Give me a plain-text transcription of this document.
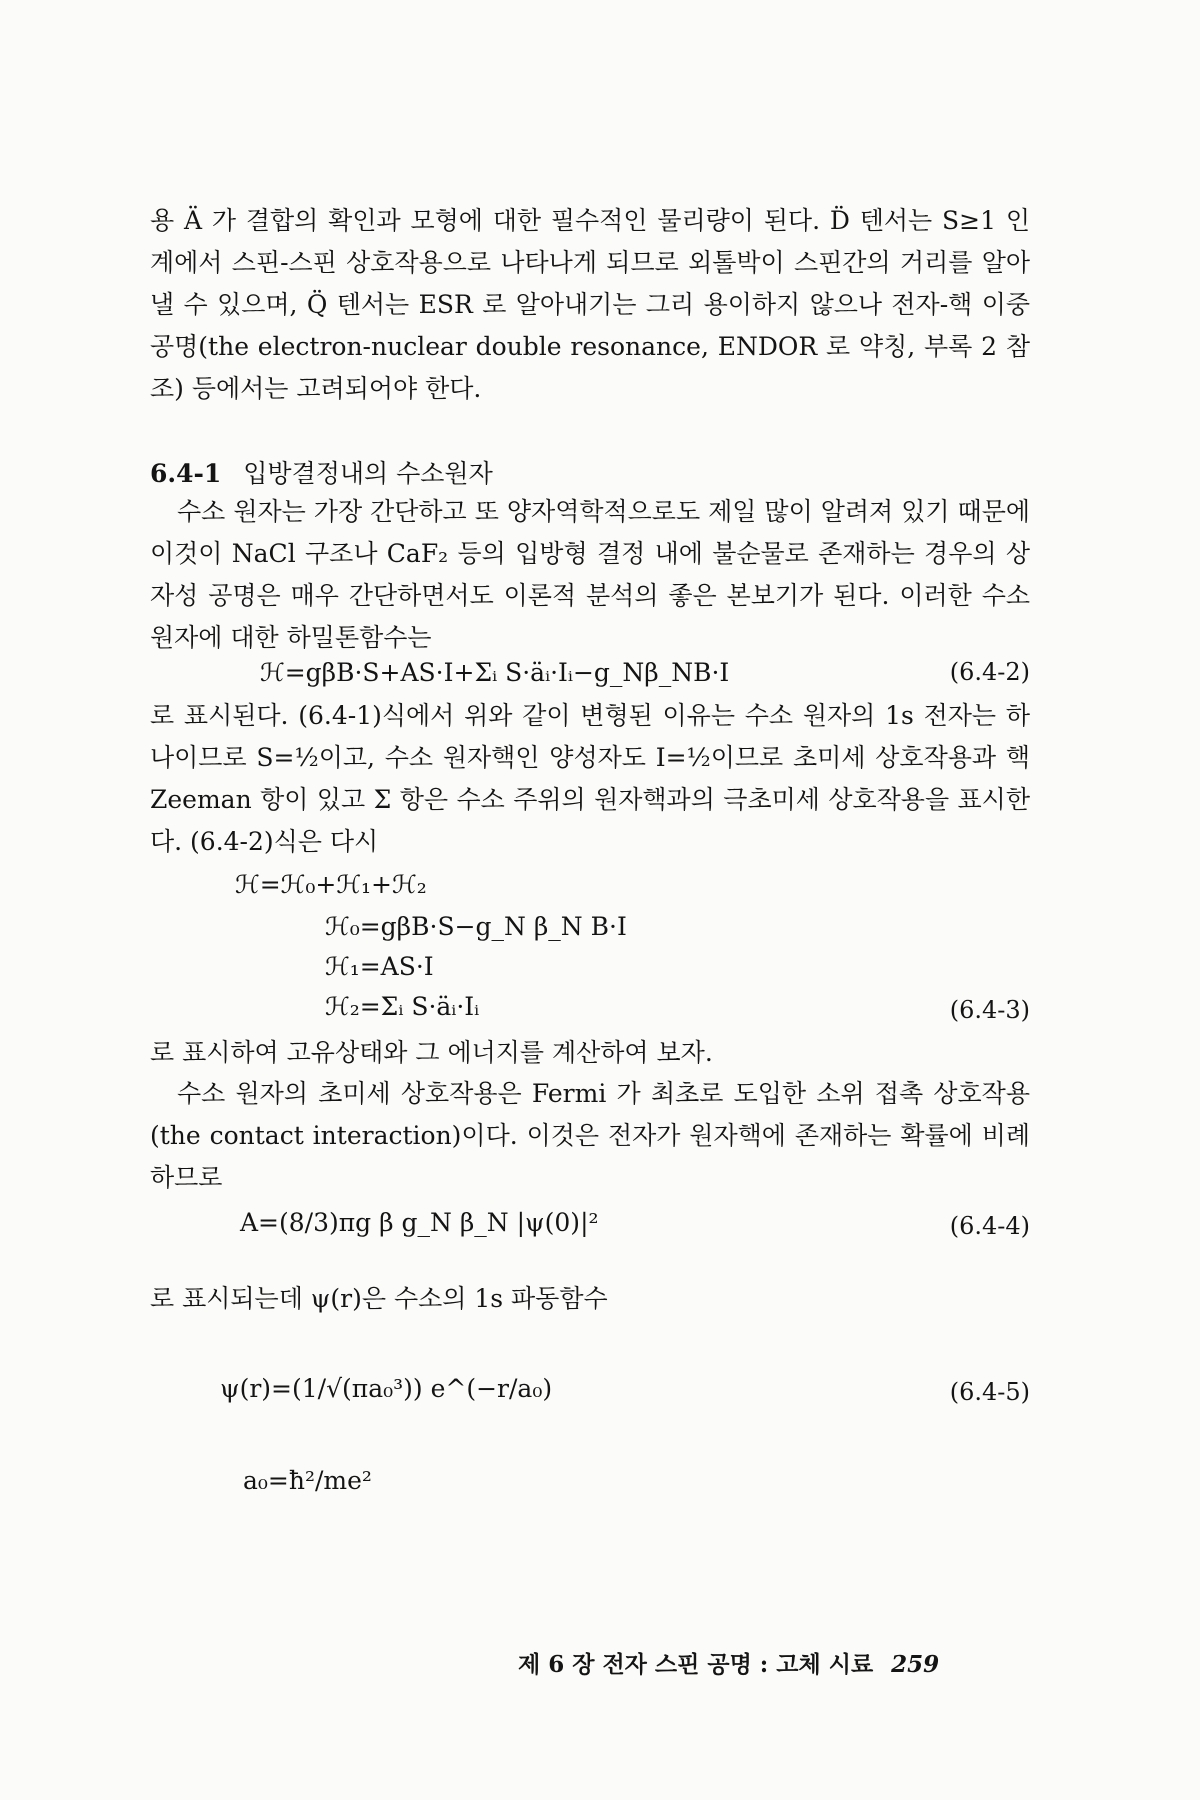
용 Ä 가 결합의 확인과 모형에 대한 필수적인 물리량이 된다. D̈ 텐서는 S≥1 인 계에서 스핀-스핀 상호작용으로 나타나게 되므로 외톨박이 스핀간의 거리를 알아낼 수 있으며, Q̈ 텐서는 ESR 로 알아내기는 그리 용이하지 않으나 전자-핵 이중공명(the electron-nuclear double resonance, ENDOR 로 약칭, 부록 2 참조) 등에서는 고려되어야 한다.

6.4-1 입방결정내의 수소원자

수소 원자는 가장 간단하고 또 양자역학적으로도 제일 많이 알려져 있기 때문에 이것이 NaCl 구조나 CaF₂ 등의 입방형 결정 내에 불순물로 존재하는 경우의 상자성 공명은 매우 간단하면서도 이론적 분석의 좋은 본보기가 된다. 이러한 수소 원자에 대한 하밀톤함수는

ℋ=gβB·S+AS·I+Σᵢ S·äᵢ·Iᵢ−g_Nβ_NB·I	(6.4-2)

로 표시된다. (6.4-1)식에서 위와 같이 변형된 이유는 수소 원자의 1s 전자는 하나이므로 S=½이고, 수소 원자핵인 양성자도 I=½이므로 초미세 상호작용과 핵 Zeeman 항이 있고 Σ 항은 수소 주위의 원자핵과의 극초미세 상호작용을 표시한다. (6.4-2)식은 다시

ℋ=ℋ₀+ℋ₁+ℋ₂
ℋ₀=gβB·S−g_N β_N B·I
ℋ₁=AS·I
ℋ₂=Σᵢ S·äᵢ·Iᵢ	(6.4-3)

로 표시하여 고유상태와 그 에너지를 계산하여 보자.

수소 원자의 초미세 상호작용은 Fermi 가 최초로 도입한 소위 접촉 상호작용(the contact interaction)이다. 이것은 전자가 원자핵에 존재하는 확률에 비례하므로

A=(8/3)πg β g_N β_N |ψ(0)|²	(6.4-4)

로 표시되는데 ψ(r)은 수소의 1s 파동함수

ψ(r)=(1/√(πa₀³)) e^(−r/a₀)	(6.4-5)
a₀=ħ²/me²
제 6 장 전자 스핀 공명 : 고체 시료 259
